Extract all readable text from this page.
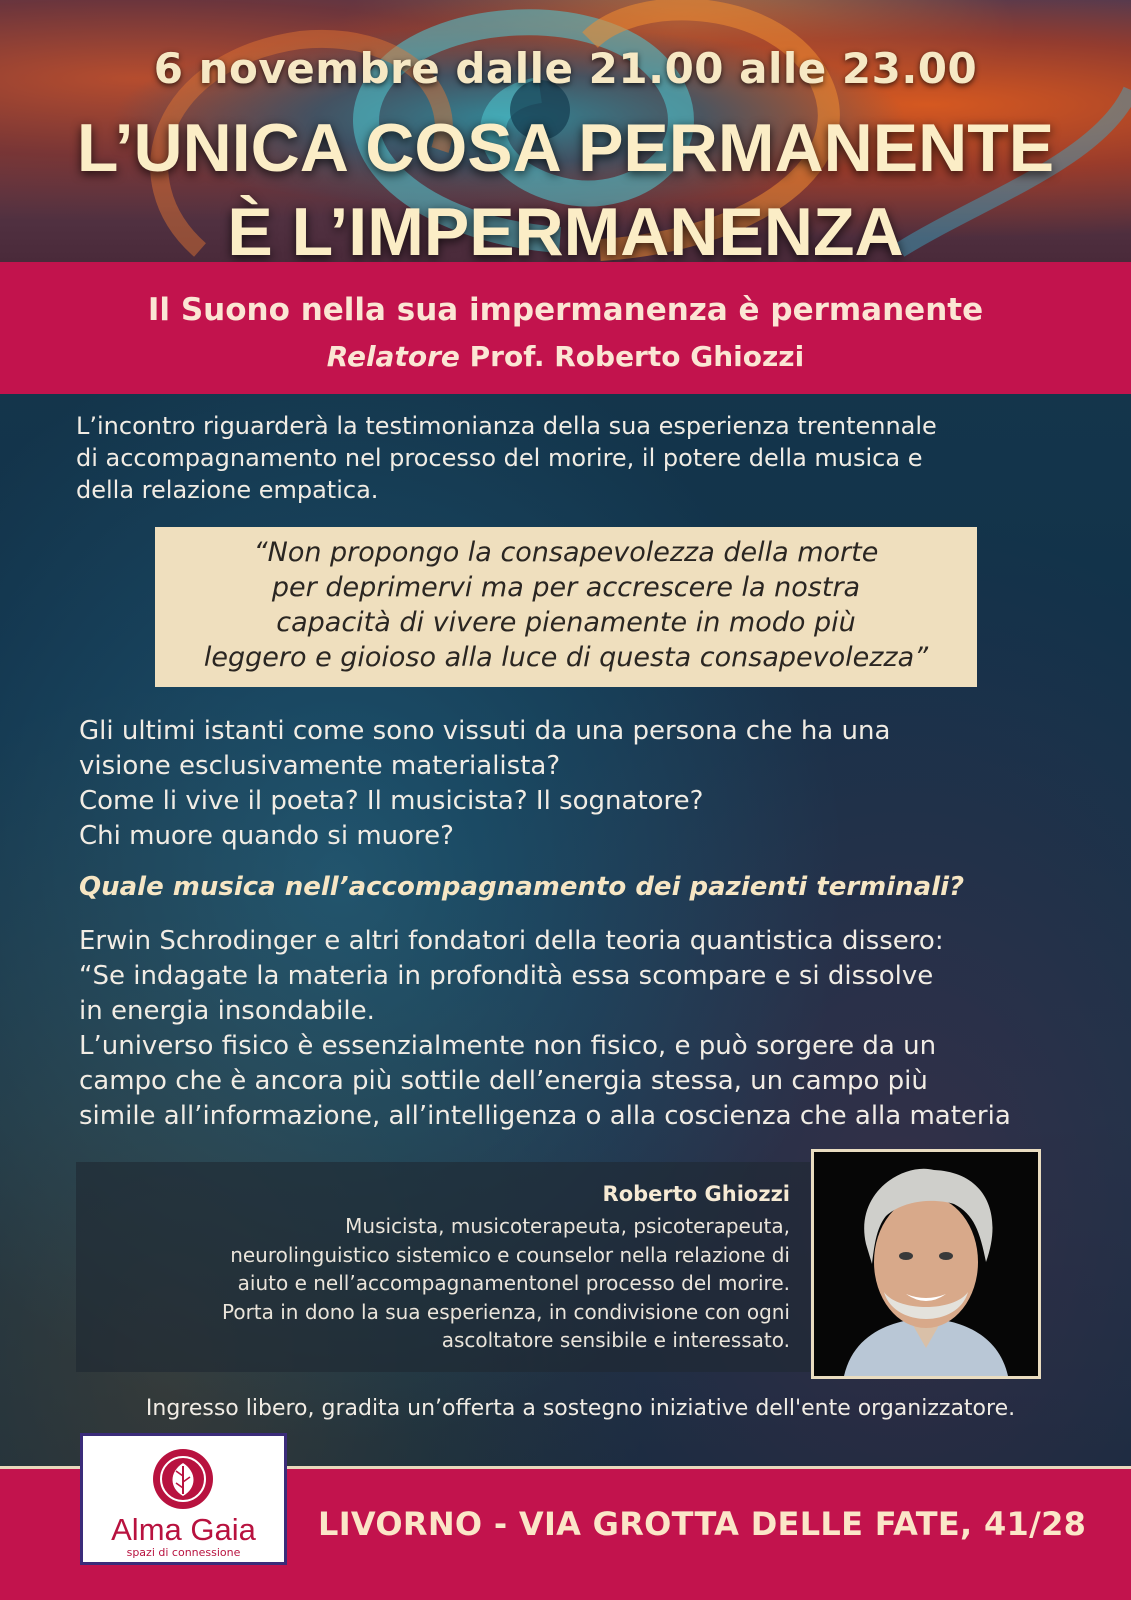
6 novembre dalle 21.00 alle 23.00
L’UNICA COSA PERMANENTE
È L’IMPERMANENZA
Il Suono nella sua impermanenza è permanente
Relatore Prof. Roberto Ghiozzi
L’incontro riguarderà la testimonianza della sua esperienza trentennale
di accompagnamento nel processo del morire, il potere della musica e
della relazione empatica.
“Non propongo la consapevolezza della morte
per deprimervi ma per accrescere la nostra
capacità di vivere pienamente in modo più
leggero e gioioso alla luce di questa consapevolezza”
Gli ultimi istanti come sono vissuti da una persona che ha una
visione esclusivamente materialista?
Come li vive il poeta? Il musicista? Il sognatore?
Chi muore quando si muore?
Quale musica nell’accompagnamento dei pazienti terminali?
Erwin Schrodinger e altri fondatori della teoria quantistica dissero:
“Se indagate la materia in profondità essa scompare e si dissolve
in energia insondabile.
L’universo fisico è essenzialmente non fisico, e può sorgere da un
campo che è ancora più sottile dell’energia stessa, un campo più
simile all’informazione, all’intelligenza o alla coscienza che alla materia
Roberto Ghiozzi
Musicista, musicoterapeuta, psicoterapeuta,
neurolinguistico sistemico e counselor nella relazione di
aiuto e nell’accompagnamentonel processo del morire.
Porta in dono la sua esperienza, in condivisione con ogni
ascoltatore sensibile e interessato.
Ingresso libero, gradita un’offerta a sostegno iniziative dell'ente organizzatore.
LIVORNO - VIA GROTTA DELLE FATE, 41/28
Alma Gaia
spazi di connessione
